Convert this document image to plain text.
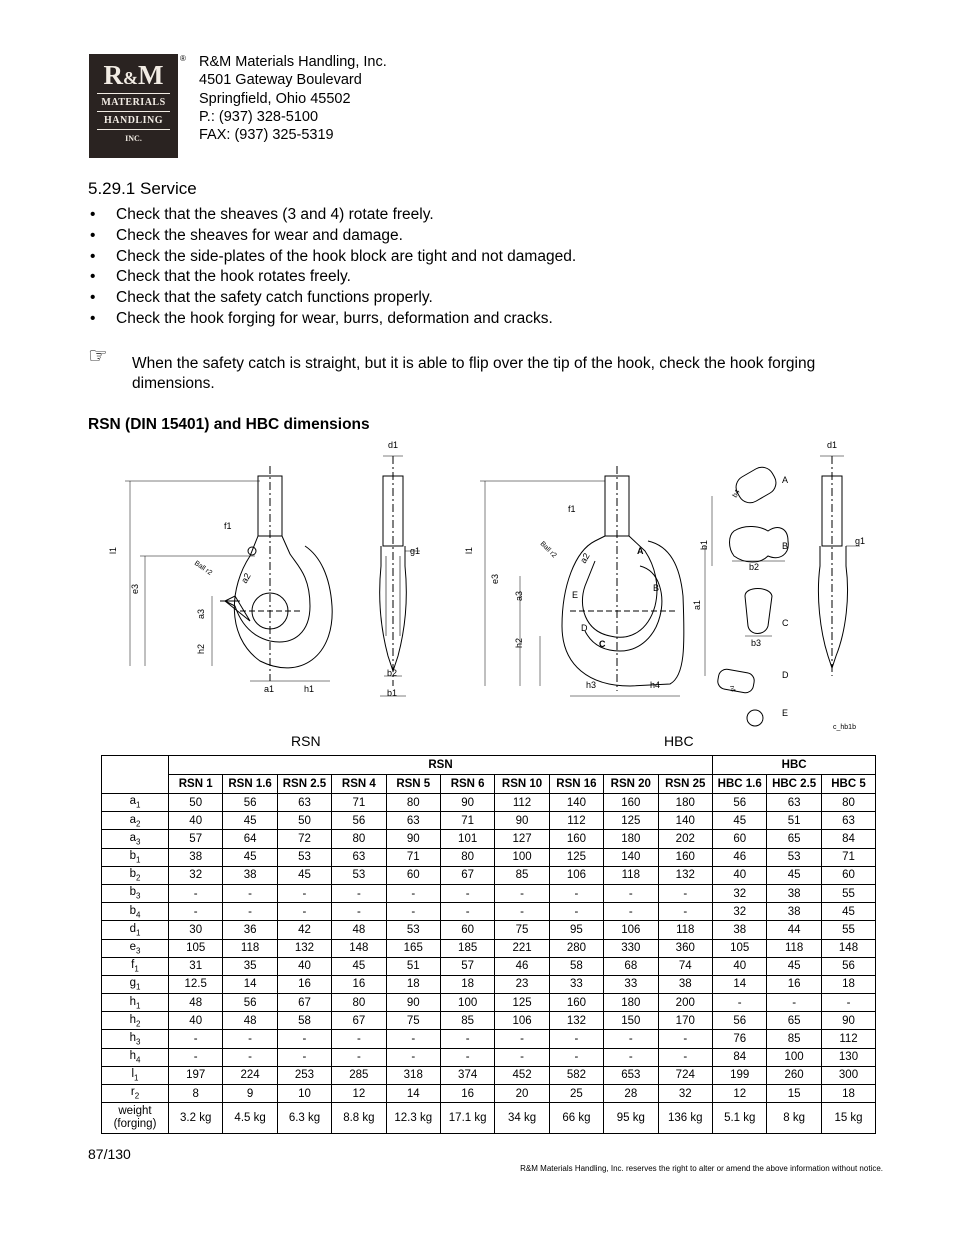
R&M
MATERIALS
HANDLING
INC.
® R&M Materials Handling, Inc.
4501 Gateway Boulevard
Springfield, Ohio 45502
P.: (937) 328-5100
FAX: (937) 325-5319
5.29.1 Service
• Check that the sheaves (3 and 4) rotate freely.
• Check the sheaves for wear and damage.
• Check the side-plates of the hook block are tight and not damaged.
• Check that the hook rotates freely.
• Check that the safety catch functions properly.
• Check the hook forging for wear, burrs, deformation and cracks.
☞ When the safety catch is straight, but it is able to flip over the tip of the hook, check the hook forging dimensions.
RSN (DIN 15401) and HBC dimensions
d1	d1
f1
f1
l1	l1
e3
e3
a3
a3
h2
h2
a2
a2
Ball r2
Ball r2
a1	h1
a1
g1
g1
b2
b1
h3	h4
A
B
C
D
E
A
B
C
D
E
b2
b3
b4
r4
b1
c_hb1b
RSN	HBC
	RSN										HBC		
	RSN 1	RSN 1.6	RSN 2.5	RSN 4	RSN 5	RSN 6	RSN 10	RSN 16	RSN 20	RSN 25	HBC 1.6	HBC 2.5	HBC 5
$a_1$	50	56	63	71	80	90	112	140	160	180	56	63	80
$a_2$	40	45	50	56	63	71	90	112	125	140	45	51	63
$a_3$	57	64	72	80	90	101	127	160	180	202	60	65	84
$b_1$	38	45	53	63	71	80	100	125	140	160	46	53	71
$b_2$	32	38	45	53	60	67	85	106	118	132	40	45	60
$b_3$	-	-	-	-	-	-	-	-	-	-	32	38	55
$b_4$	-	-	-	-	-	-	-	-	-	-	32	38	45
$d_1$	30	36	42	48	53	60	75	95	106	118	38	44	55
$e_3$	105	118	132	148	165	185	221	280	330	360	105	118	148
$f_1$	31	35	40	45	51	57	46	58	68	74	40	45	56
$g_1$	12.5	14	16	16	18	18	23	33	33	38	14	16	18
$h_1$	48	56	67	80	90	100	125	160	180	200	-	-	-
$h_2$	40	48	58	67	75	85	106	132	150	170	56	65	90
$h_3$	-	-	-	-	-	-	-	-	-	-	76	85	112
$h_4$	-	-	-	-	-	-	-	-	-	-	84	100	130
$l_1$	197	224	253	285	318	374	452	582	653	724	199	260	300
$r_2$	8	9	10	12	14	16	20	25	28	32	12	15	18
weight (forging)	3.2 kg	4.5 kg	6.3 kg	8.8 kg	12.3 kg	17.1 kg	34 kg	66 kg	95 kg	136 kg	5.1 kg	8 kg	15 kg
87/130
R&M Materials Handling, Inc. reserves the right to alter or amend the above information without notice.
